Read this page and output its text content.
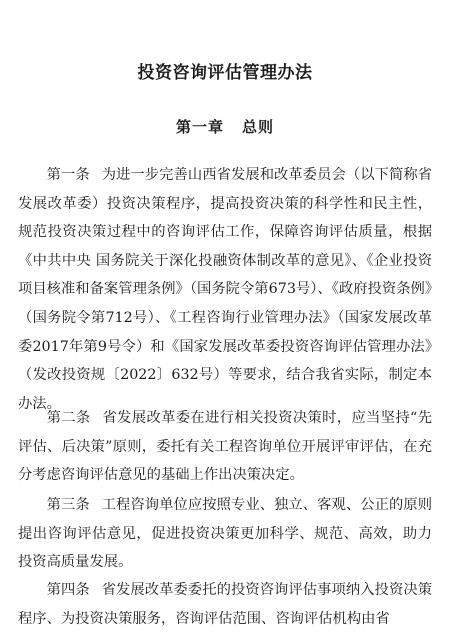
投资咨询评估管理办法
第一章 总则

第一条 为进一步完善山西省发展和改革委员会（以下简称省发展改革委）投资决策程序，提高投资决策的科学性和民主性，规范投资决策过程中的咨询评估工作，保障咨询评估质量，根据《中共中央 国务院关于深化投融资体制改革的意见》、《企业投资项目核准和备案管理条例》（国务院令第673号）、《政府投资条例》（国务院令第712号）、《工程咨询行业管理办法》（国家发展改革委2017年第9号令）和《国家发展改革委投资咨询评估管理办法》（发改投资规〔2022〕632号）等要求，结合我省实际，制定本办法。

第二条 省发展改革委在进行相关投资决策时，应当坚持“先评估、后决策”原则，委托有关工程咨询单位开展评审评估，在充分考虑咨询评估意见的基础上作出决策决定。

第三条 工程咨询单位应按照专业、独立、客观、公正的原则提出咨询评估意见，促进投资决策更加科学、规范、高效，助力投资高质量发展。

第四条 省发展改革委委托的投资咨询评估事项纳入投资决策程序、为投资决策服务，咨询评估范围、咨询评估机构由省
